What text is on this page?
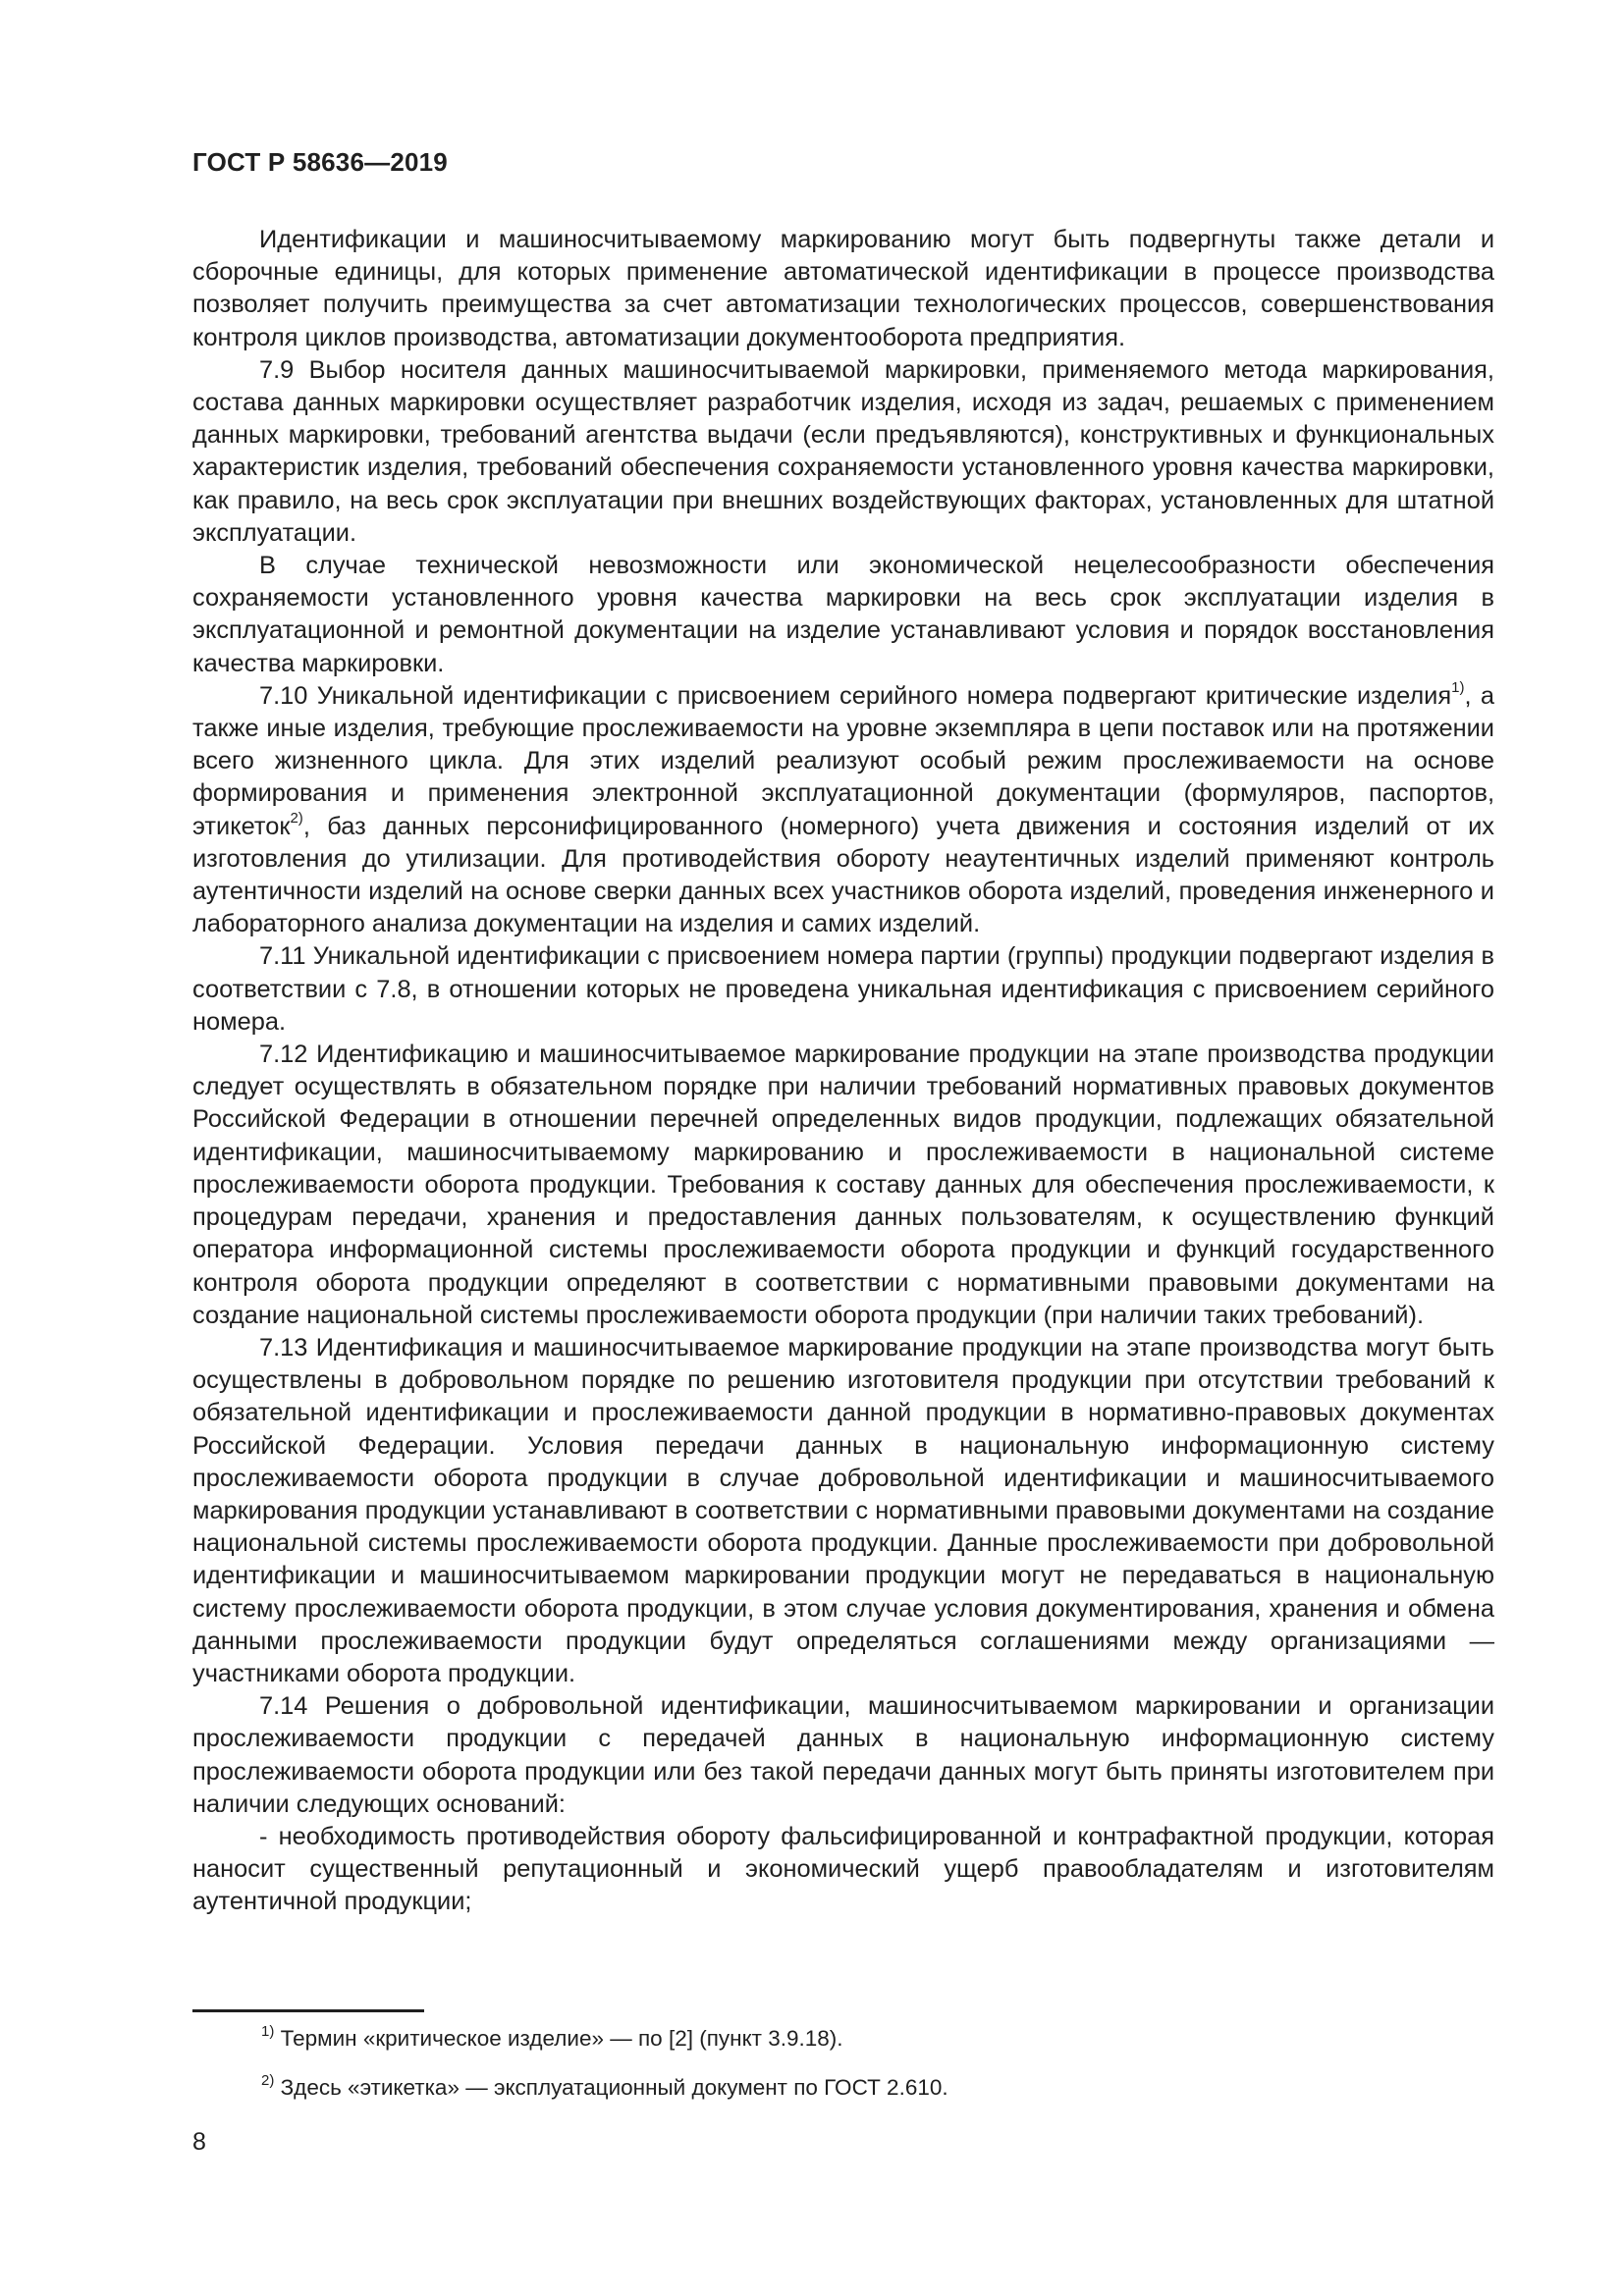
ГОСТ Р 58636—2019

Идентификации и машиносчитываемому маркированию могут быть подвергнуты также детали и сборочные единицы, для которых применение автоматической идентификации в процессе производства позволяет получить преимущества за счет автоматизации технологических процессов, совершенствования контроля циклов производства, автоматизации документооборота предприятия.

7.9 Выбор носителя данных машиносчитываемой маркировки, применяемого метода маркирования, состава данных маркировки осуществляет разработчик изделия, исходя из задач, решаемых с применением данных маркировки, требований агентства выдачи (если предъявляются), конструктивных и функциональных характеристик изделия, требований обеспечения сохраняемости установленного уровня качества маркировки, как правило, на весь срок эксплуатации при внешних воздействующих факторах, установленных для штатной эксплуатации.

В случае технической невозможности или экономической нецелесообразности обеспечения сохраняемости установленного уровня качества маркировки на весь срок эксплуатации изделия в эксплуатационной и ремонтной документации на изделие устанавливают условия и порядок восстановления качества маркировки.

7.10 Уникальной идентификации с присвоением серийного номера подвергают критические изделия$^{1)}$, а также иные изделия, требующие прослеживаемости на уровне экземпляра в цепи поставок или на протяжении всего жизненного цикла. Для этих изделий реализуют особый режим прослеживаемости на основе формирования и применения электронной эксплуатационной документации (формуляров, паспортов, этикеток$^{2)}$, баз данных персонифицированного (номерного) учета движения и состояния изделий от их изготовления до утилизации. Для противодействия обороту неаутентичных изделий применяют контроль аутентичности изделий на основе сверки данных всех участников оборота изделий, проведения инженерного и лабораторного анализа документации на изделия и самих изделий.

7.11 Уникальной идентификации с присвоением номера партии (группы) продукции подвергают изделия в соответствии с 7.8, в отношении которых не проведена уникальная идентификация с присвоением серийного номера.

7.12 Идентификацию и машиносчитываемое маркирование продукции на этапе производства продукции следует осуществлять в обязательном порядке при наличии требований нормативных правовых документов Российской Федерации в отношении перечней определенных видов продукции, подлежащих обязательной идентификации, машиносчитываемому маркированию и прослеживаемости в национальной системе прослеживаемости оборота продукции. Требования к составу данных для обеспечения прослеживаемости, к процедурам передачи, хранения и предоставления данных пользователям, к осуществлению функций оператора информационной системы прослеживаемости оборота продукции и функций государственного контроля оборота продукции определяют в соответствии с нормативными правовыми документами на создание национальной системы прослеживаемости оборота продукции (при наличии таких требований).

7.13 Идентификация и машиносчитываемое маркирование продукции на этапе производства могут быть осуществлены в добровольном порядке по решению изготовителя продукции при отсутствии требований к обязательной идентификации и прослеживаемости данной продукции в нормативно-правовых документах Российской Федерации. Условия передачи данных в национальную информационную систему прослеживаемости оборота продукции в случае добровольной идентификации и машиносчитываемого маркирования продукции устанавливают в соответствии с нормативными правовыми документами на создание национальной системы прослеживаемости оборота продукции. Данные прослеживаемости при добровольной идентификации и машиносчитываемом маркировании продукции могут не передаваться в национальную систему прослеживаемости оборота продукции, в этом случае условия документирования, хранения и обмена данными прослеживаемости продукции будут определяться соглашениями между организациями — участниками оборота продукции.

7.14 Решения о добровольной идентификации, машиносчитываемом маркировании и организации прослеживаемости продукции с передачей данных в национальную информационную систему прослеживаемости оборота продукции или без такой передачи данных могут быть приняты изготовителем при наличии следующих оснований:

- необходимость противодействия обороту фальсифицированной и контрафактной продукции, которая наносит существенный репутационный и экономический ущерб правообладателям и изготовителям аутентичной продукции;

$^{1)}$ Термин «критическое изделие» — по [2] (пункт 3.9.18).

$^{2)}$ Здесь «этикетка» — эксплуатационный документ по ГОСТ 2.610.

8
